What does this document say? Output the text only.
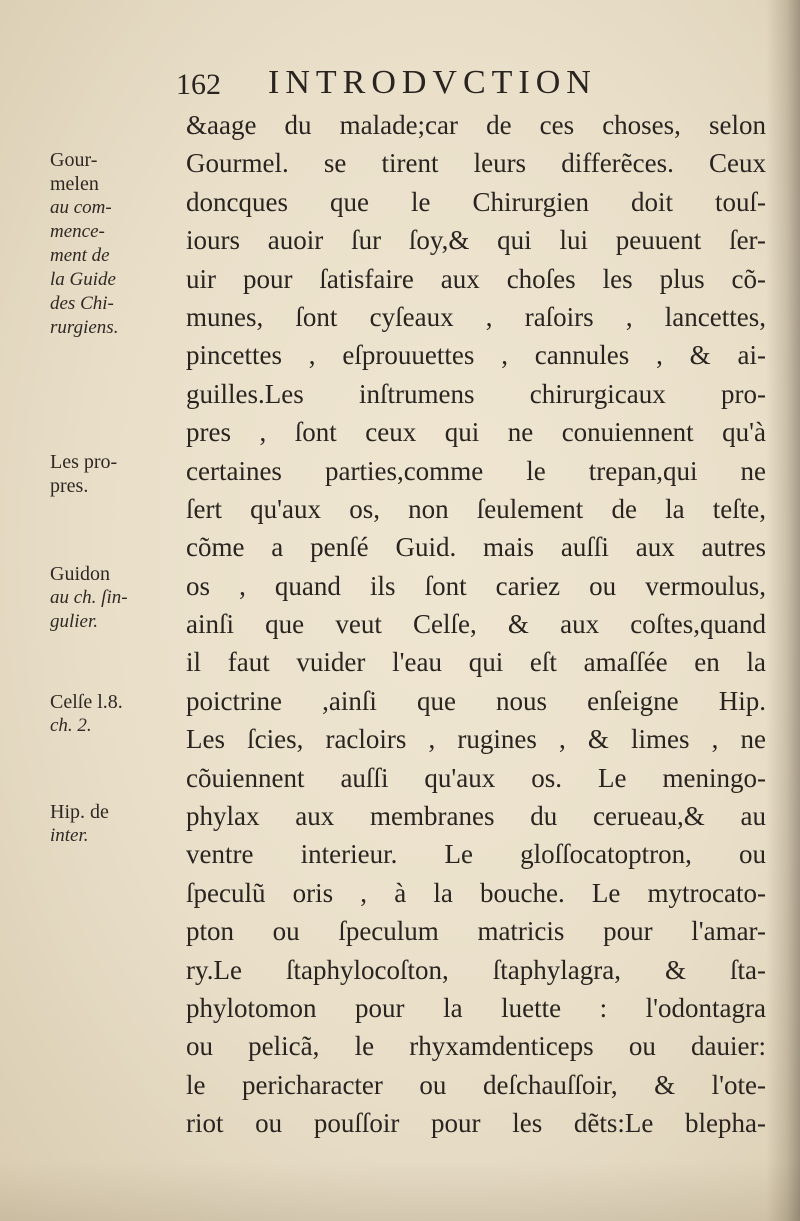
162 INTRODVCTION
&aage du malade;car de ces choses, selon
Gourmel. se tirent leurs differẽces. Ceux
doncques que le Chirurgien doit touſ-
iours auoir ſur ſoy,& qui lui peuuent ſer-
uir pour ſatisfaire aux choſes les plus cõ-
munes, ſont cyſeaux , raſoirs , lancettes,
pincettes , eſprouuettes , cannules , & ai-
guilles.Les inſtrumens chirurgicaux pro-
pres , ſont ceux qui ne conuiennent qu'à
certaines parties,comme le trepan,qui ne
ſert qu'aux os, non ſeulement de la teſte,
cõme a penſé Guid. mais auſſi aux autres
os , quand ils ſont cariez ou vermoulus,
ainſi que veut Celſe, & aux coſtes,quand
il faut vuider l'eau qui eſt amaſſée en la
poictrine ,ainſi que nous enſeigne Hip.
Les ſcies, racloirs , rugines , & limes , ne
cõuiennent auſſi qu'aux os. Le meningo-
phylax aux membranes du cerueau,& au
ventre interieur. Le gloſſocatoptron, ou
ſpeculũ oris , à la bouche. Le mytrocato-
pton ou ſpeculum matricis pour l'amar-
ry.Le ſtaphylocoſton, ſtaphylagra, & ſta-
phylotomon pour la luette : l'odontagra
ou pelicã, le rhyxamdenticeps ou dauier:
le pericharacter ou deſchauſſoir, & l'ote-
riot ou pouſſoir pour les dẽts:Le blepha-
Gour-
melen
au com-
mence-
ment de
la Guide
des Chi-
rurgiens.
Les pro-
pres.
Guidon
au ch. ſin-
gulier.
Celſe l.8.
ch. 2.
Hip. de
inter.
